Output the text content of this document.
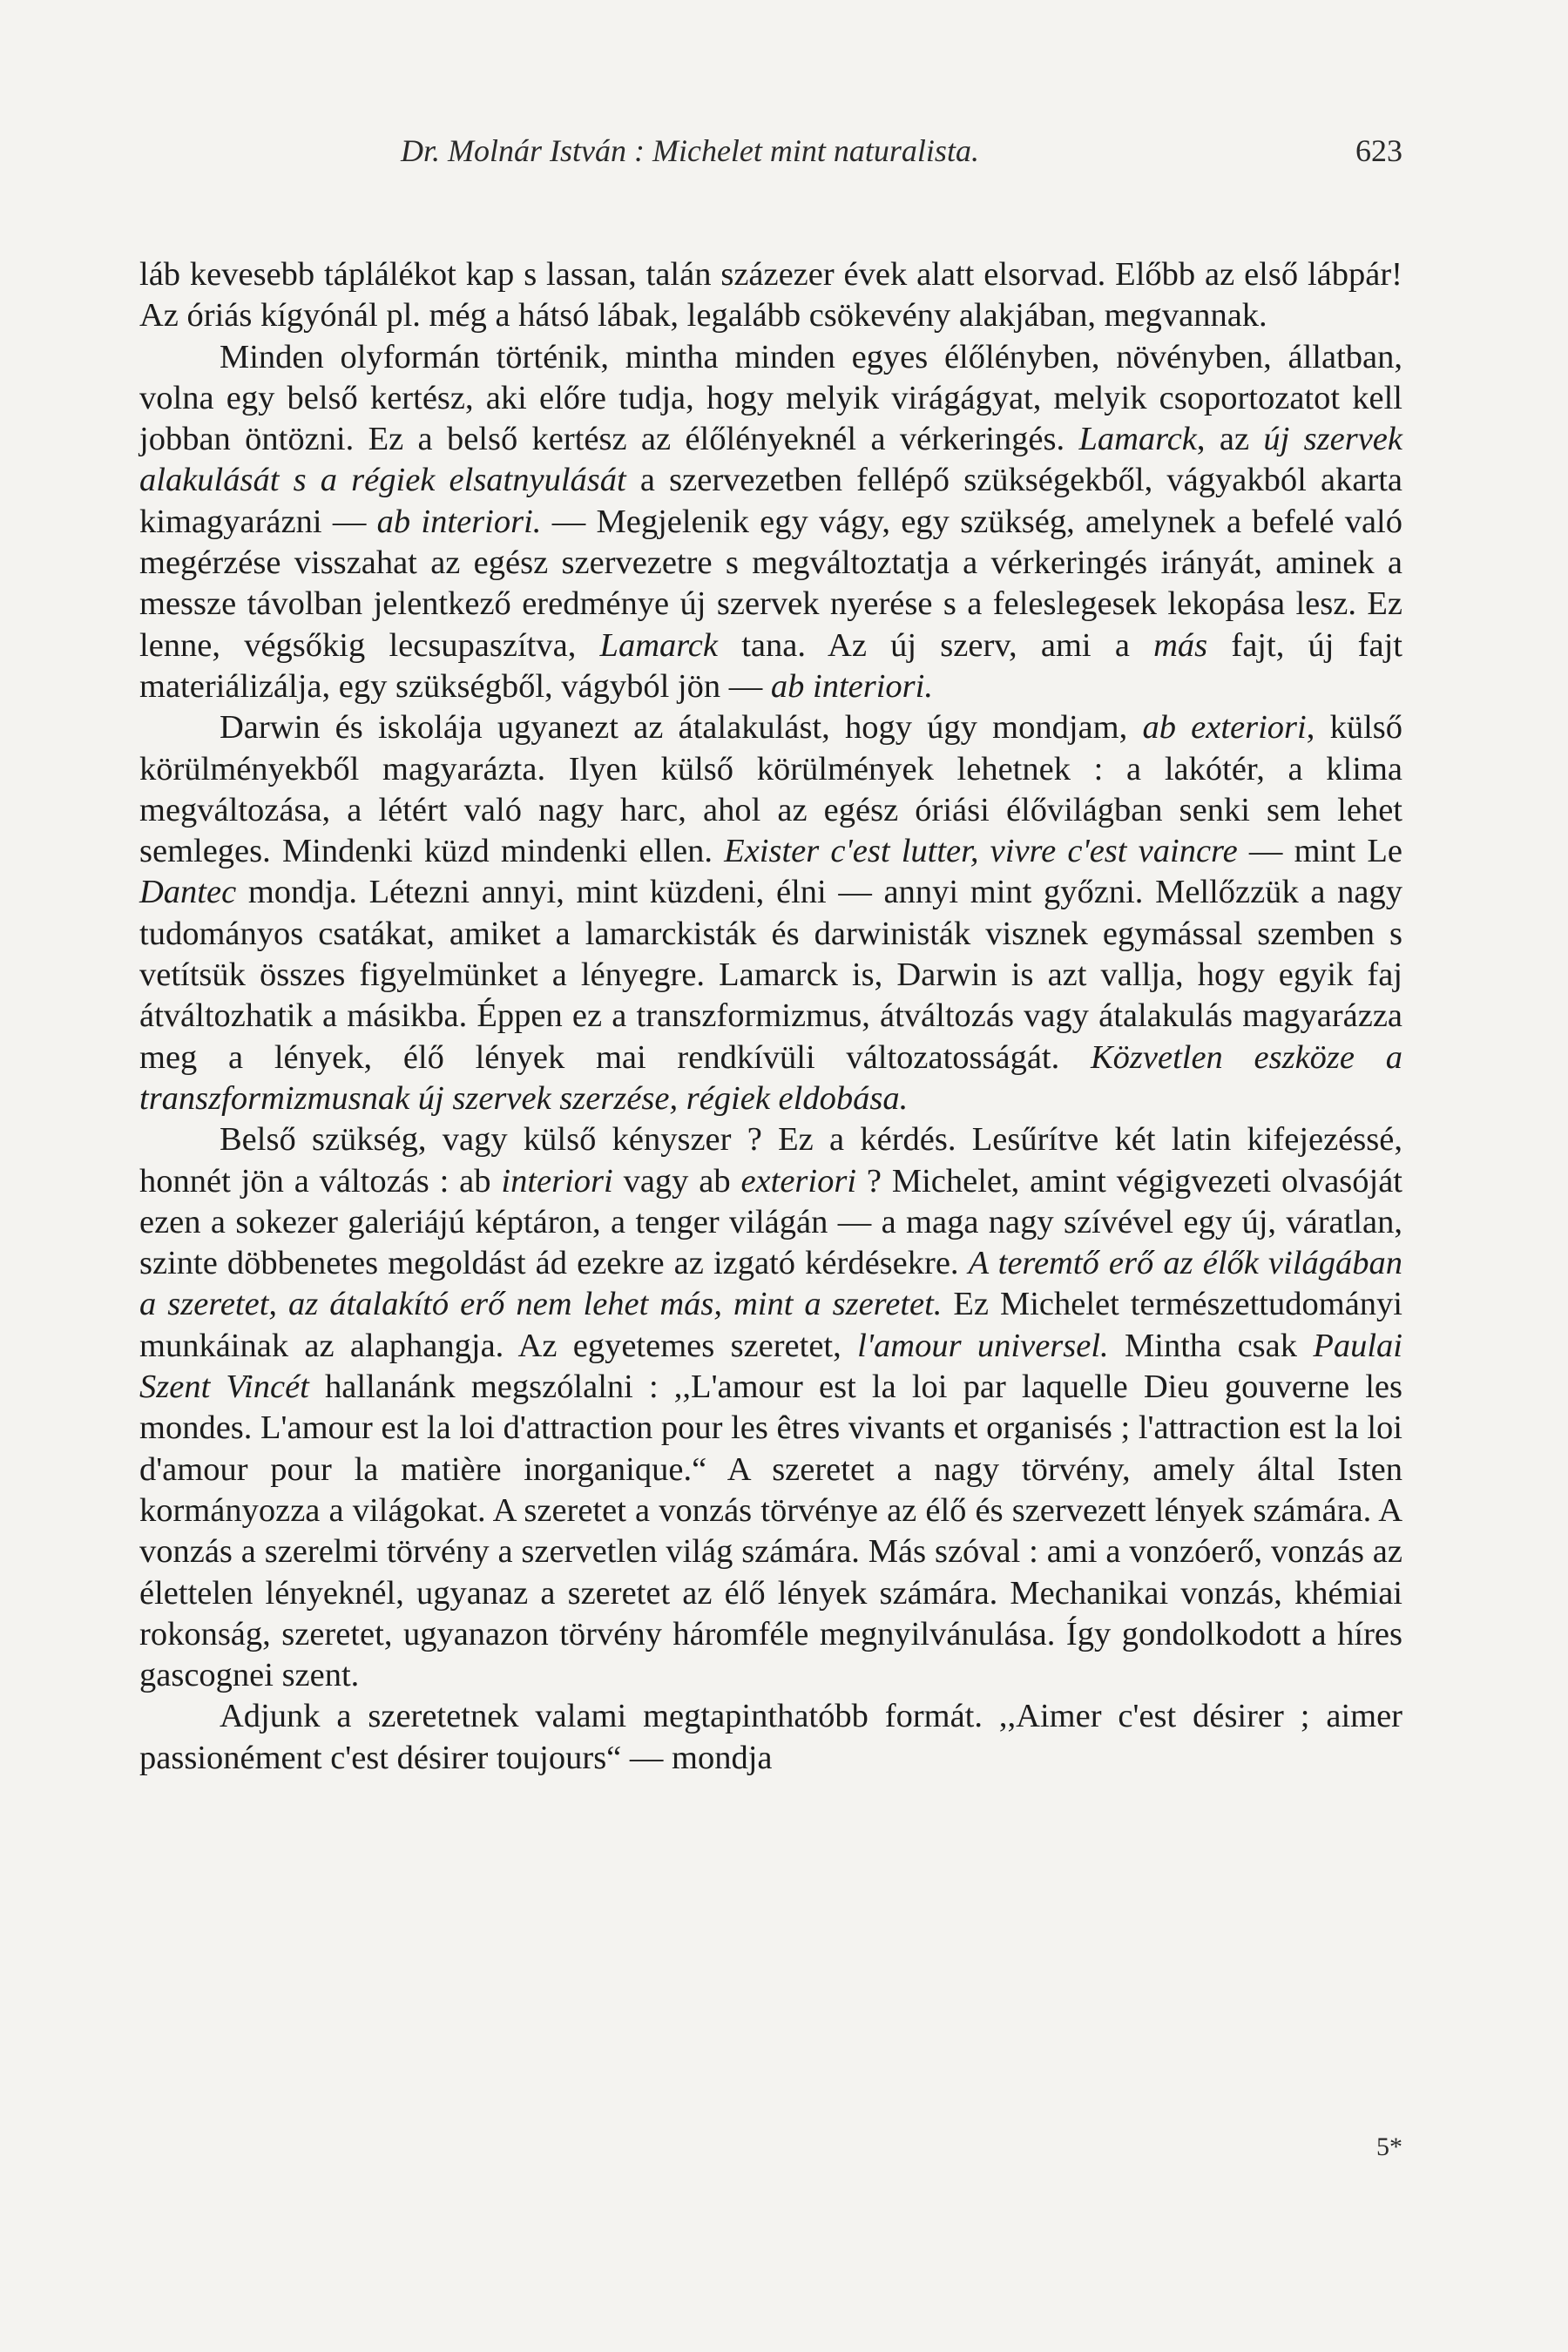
Dr. Molnár István : Michelet mint naturalista.	623

láb kevesebb táplálékot kap s lassan, talán százezer évek alatt elsorvad. Előbb az első lábpár! Az óriás kígyónál pl. még a hátsó lábak, legalább csökevény alakjában, megvannak.

Minden olyformán történik, mintha minden egyes élőlényben, növényben, állatban, volna egy belső kertész, aki előre tudja, hogy melyik virágágyat, melyik csoportozatot kell jobban öntözni. Ez a belső kertész az élőlényeknél a vérkeringés. Lamarck, az új szervek alakulását s a régiek elsatnyulását a szervezetben fellépő szükségekből, vágyakból akarta kimagyarázni — ab interiori. — Megjelenik egy vágy, egy szükség, amelynek a befelé való megérzése visszahat az egész szervezetre s megváltoztatja a vérkeringés irányát, aminek a messze távolban jelentkező eredménye új szervek nyerése s a feleslegesek lekopása lesz. Ez lenne, végsőkig lecsupaszítva, Lamarck tana. Az új szerv, ami a más fajt, új fajt materiálizálja, egy szükségből, vágyból jön — ab interiori.

Darwin és iskolája ugyanezt az átalakulást, hogy úgy mondjam, ab exteriori, külső körülményekből magyarázta. Ilyen külső körülmények lehetnek : a lakótér, a klima megváltozása, a létért való nagy harc, ahol az egész óriási élővilágban senki sem lehet semleges. Mindenki küzd mindenki ellen. Exister c'est lutter, vivre c'est vaincre — mint Le Dantec mondja. Létezni annyi, mint küzdeni, élni — annyi mint győzni. Mellőzzük a nagy tudományos csatákat, amiket a lamarckisták és darwinisták visznek egymással szemben s vetítsük összes figyelmünket a lényegre. Lamarck is, Darwin is azt vallja, hogy egyik faj átváltozhatik a másikba. Éppen ez a transzformizmus, átváltozás vagy átalakulás magyarázza meg a lények, élő lények mai rendkívüli változatosságát. Közvetlen eszköze a transzformizmusnak új szervek szerzése, régiek eldobása.

Belső szükség, vagy külső kényszer ? Ez a kérdés. Lesűrítve két latin kifejezéssé, honnét jön a változás : ab interiori vagy ab exteriori ? Michelet, amint végigvezeti olvasóját ezen a sokezer galeriájú képtáron, a tenger világán — a maga nagy szívével egy új, váratlan, szinte döbbenetes megoldást ád ezekre az izgató kérdésekre. A teremtő erő az élők világában a szeretet, az átalakító erő nem lehet más, mint a szeretet. Ez Michelet természettudományi munkáinak az alaphangja. Az egyetemes szeretet, l'amour universel. Mintha csak Paulai Szent Vincét hallanánk megszólalni : ,,L'amour est la loi par laquelle Dieu gouverne les mondes. L'amour est la loi d'attraction pour les êtres vivants et organisés ; l'attraction est la loi d'amour pour la matière inorganique.“ A szeretet a nagy törvény, amely által Isten kormányozza a világokat. A szeretet a vonzás törvénye az élő és szervezett lények számára. A vonzás a szerelmi törvény a szervetlen világ számára. Más szóval : ami a vonzóerő, vonzás az élettelen lényeknél, ugyanaz a szeretet az élő lények számára. Mechanikai vonzás, khémiai rokonság, szeretet, ugyanazon törvény háromféle megnyilvánulása. Így gondolkodott a híres gascognei szent.

Adjunk a szeretetnek valami megtapinthatóbb formát. ,,Aimer c'est désirer ; aimer passionément c'est désirer toujours“ — mondja

5*
